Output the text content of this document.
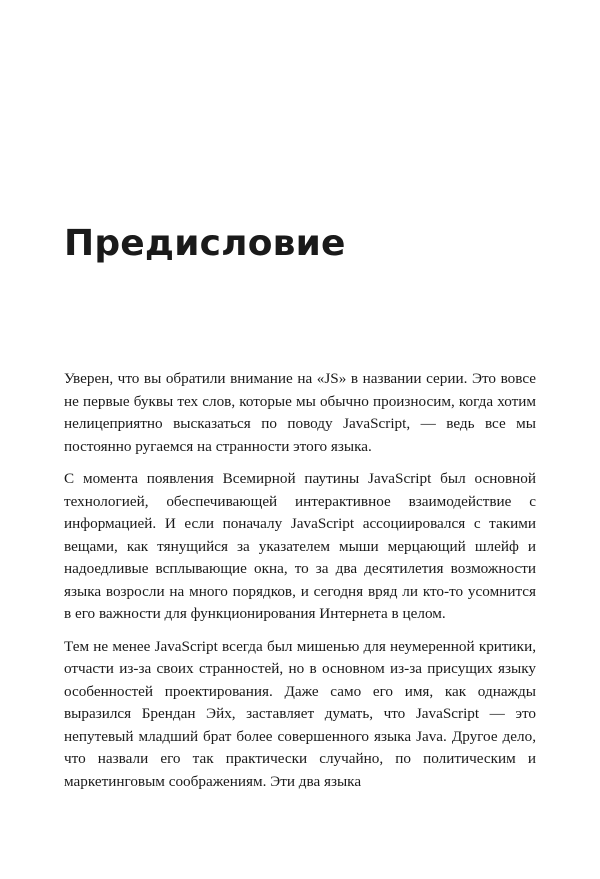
Предисловие

Уверен, что вы обратили внимание на «JS» в названии серии. Это вовсе не первые буквы тех слов, которые мы обычно произносим, когда хотим нелицеприятно высказаться по поводу JavaScript, — ведь все мы постоянно ругаемся на странности этого языка.

С момента появления Всемирной паутины JavaScript был основной технологией, обеспечивающей интерактивное взаимодействие с информацией. И если поначалу JavaScript ассоциировался с такими вещами, как тянущийся за указателем мыши мерцающий шлейф и надоедливые всплывающие окна, то за два десятилетия возможности языка возросли на много порядков, и сегодня вряд ли кто-то усомнится в его важности для функционирования Интернета в целом.

Тем не менее JavaScript всегда был мишенью для неумеренной критики, отчасти из-за своих странностей, но в основном из-за присущих языку особенностей проектирования. Даже само его имя, как однажды выразился Брендан Эйх, заставляет думать, что JavaScript — это непутевый младший брат более совершенного языка Java. Другое дело, что назвали его так практически случайно, по политическим и маркетинговым соображениям. Эти два языка
